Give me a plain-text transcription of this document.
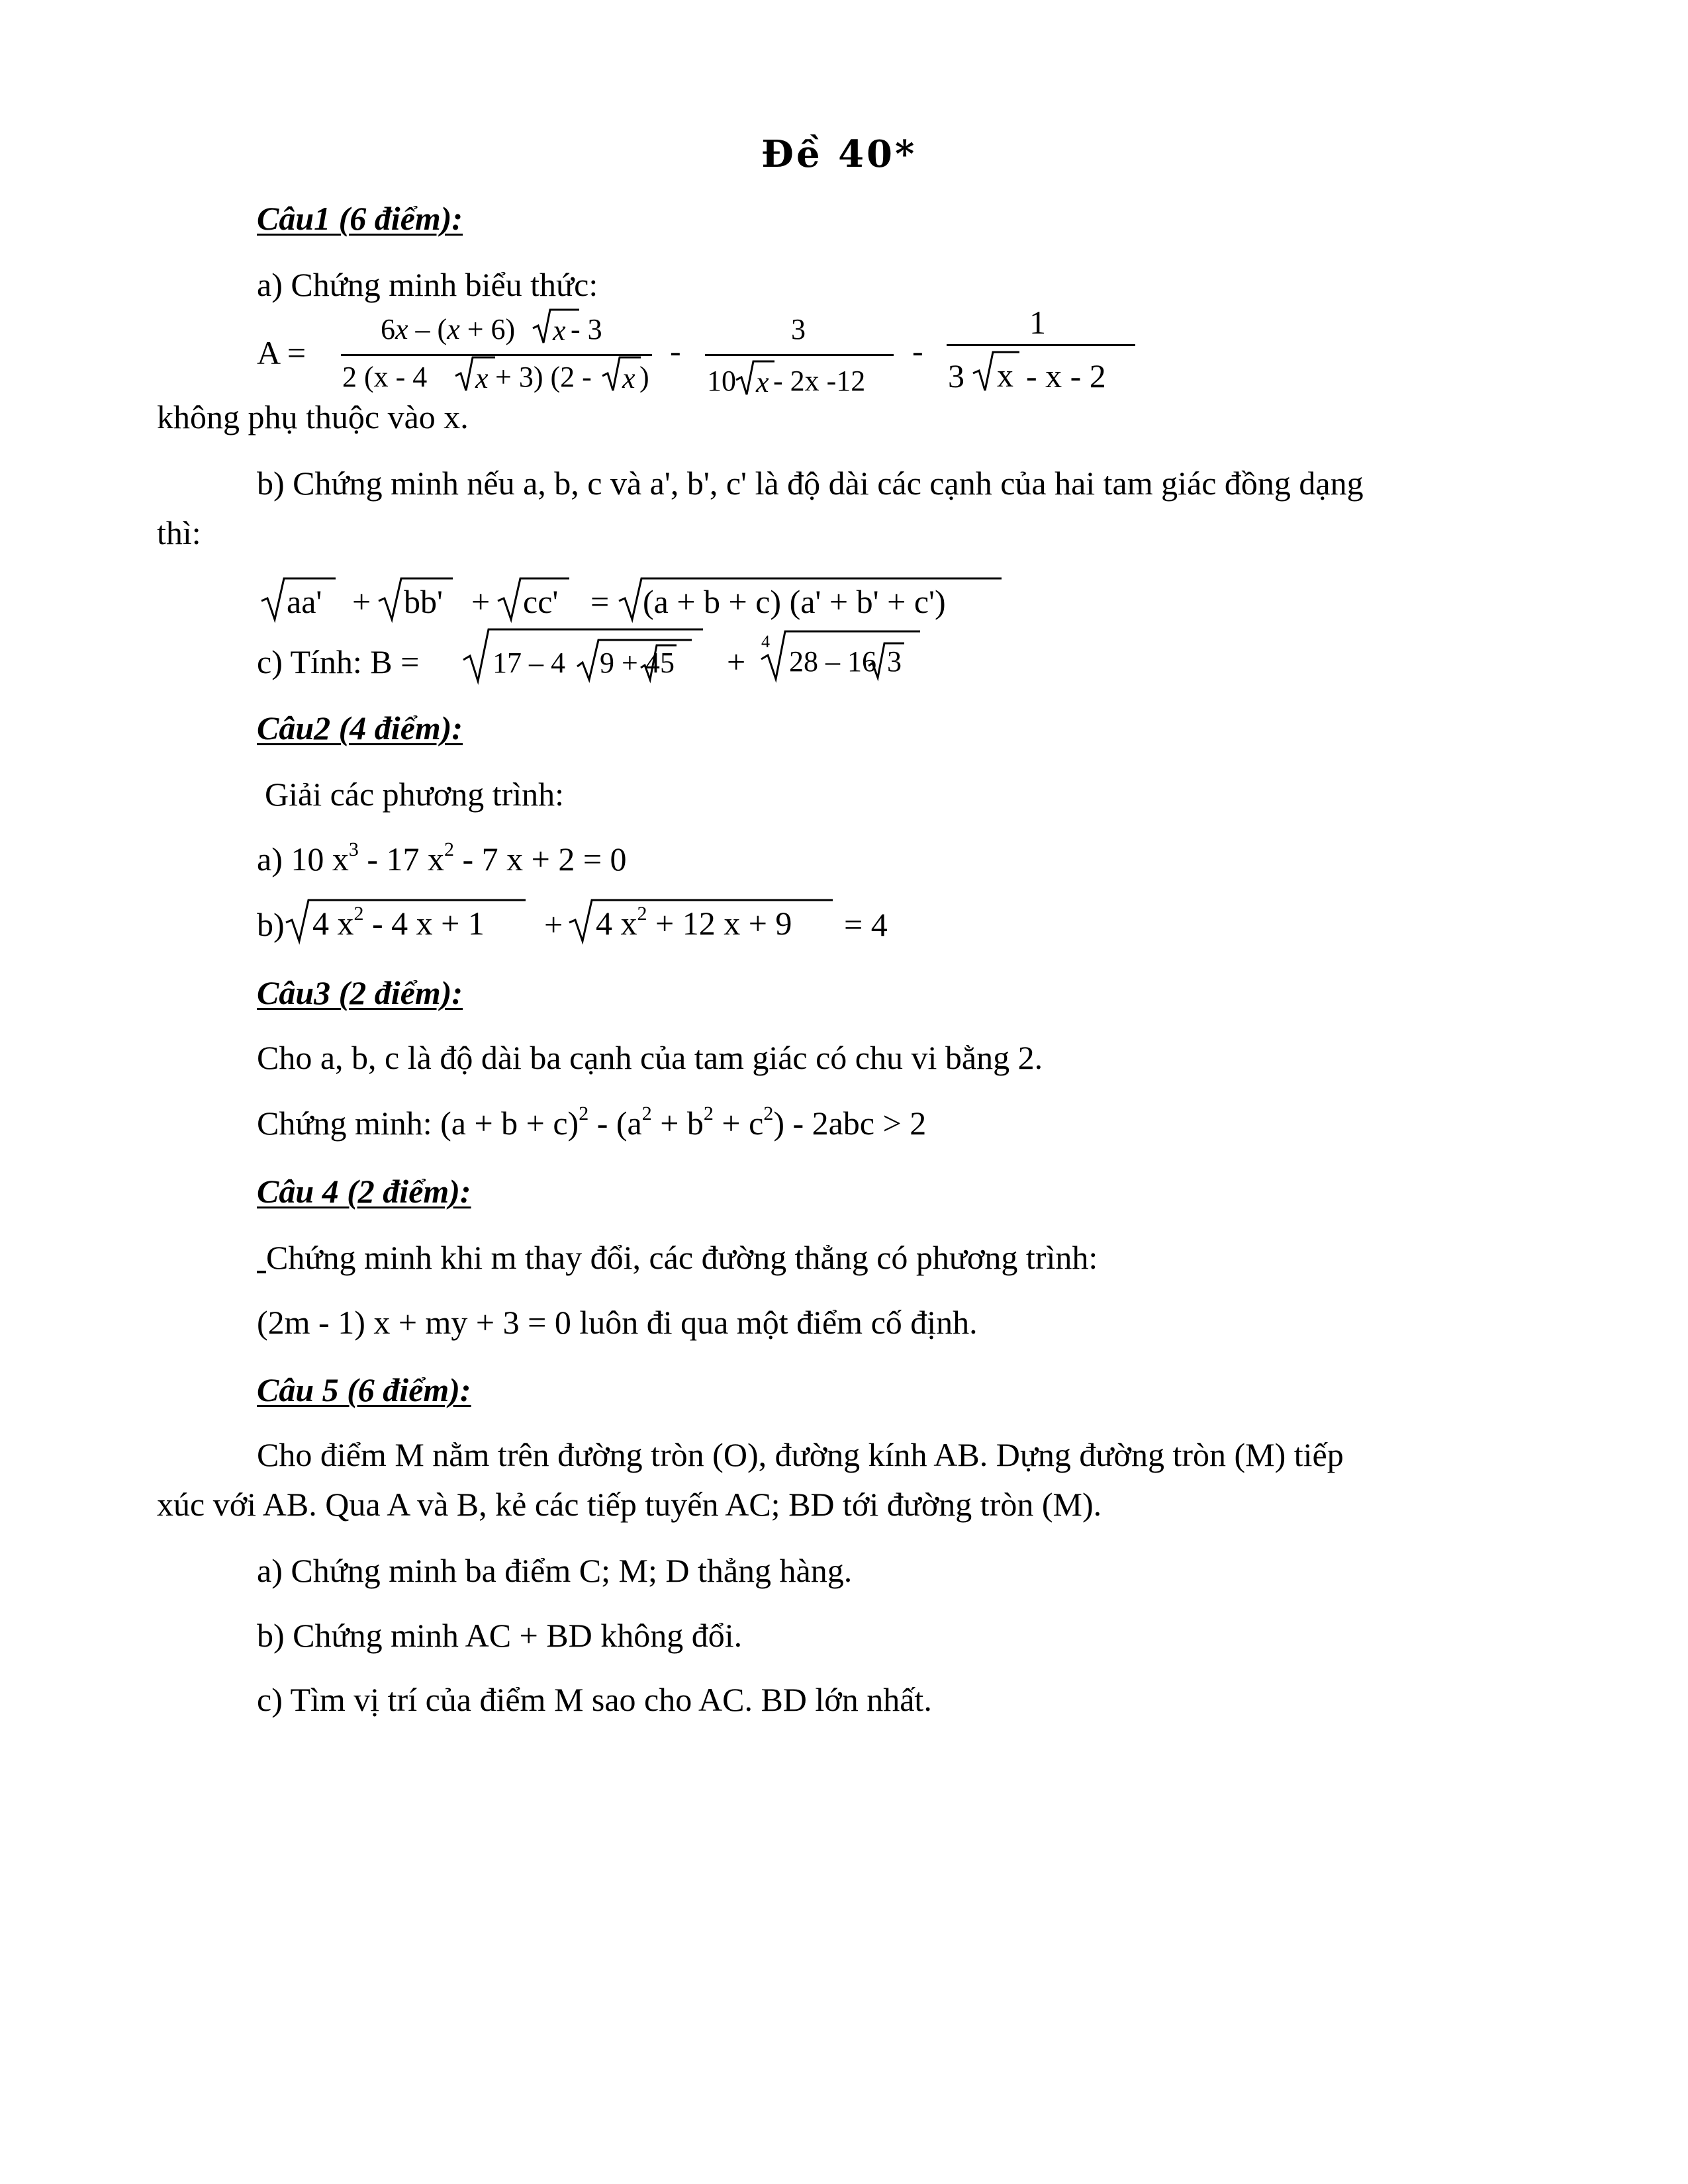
Đề 40*
Câu1 (6 điểm):
a) Chứng minh biểu thức:
A =
6x – (x + 6) x - 3
2 (x - 4 x + 3) (2 - x )
-
3
10 x - 2x -12
-
1
3 x - x - 2
không phụ thuộc vào x.
b) Chứng minh nếu a, b, c và a', b', c' là độ dài các cạnh của hai tam giác đồng dạng
thì:
aa' + bb' + cc' = (a + b + c) (a' + b' + c')
c) Tính: B =	17 – 4 9 + 4 5 +
4
28 – 16 3
Câu2 (4 điểm):
Giải các phương trình:
a) 10 $x^3 - 17$ $x^2 - 7$ x + 2 = 0
b) 4 $x^2 - 4$ x + 1 + 4 $x^2 + 12$ x + 9 = 4
Câu3 (2 điểm):
Cho a, b, c là độ dài ba cạnh của tam giác có chu vi bằng 2.
Chứng minh: $(a + b + c)^2 - (a^2 + b^2 + c^2) - 2abc > 2$
Câu 4 (2 điểm):
Chứng minh khi m thay đổi, các đường thẳng có phương trình:
(2m - 1) x + my + 3 = 0 luôn đi qua một điểm cố định.
Câu 5 (6 điểm):
Cho điểm M nằm trên đường tròn (O), đường kính AB. Dựng đường tròn (M) tiếp
xúc với AB. Qua A và B, kẻ các tiếp tuyến AC; BD tới đường tròn (M).
a) Chứng minh ba điểm C; M; D thẳng hàng.
b) Chứng minh AC + BD không đổi.
c) Tìm vị trí của điểm M sao cho AC. BD lớn nhất.
